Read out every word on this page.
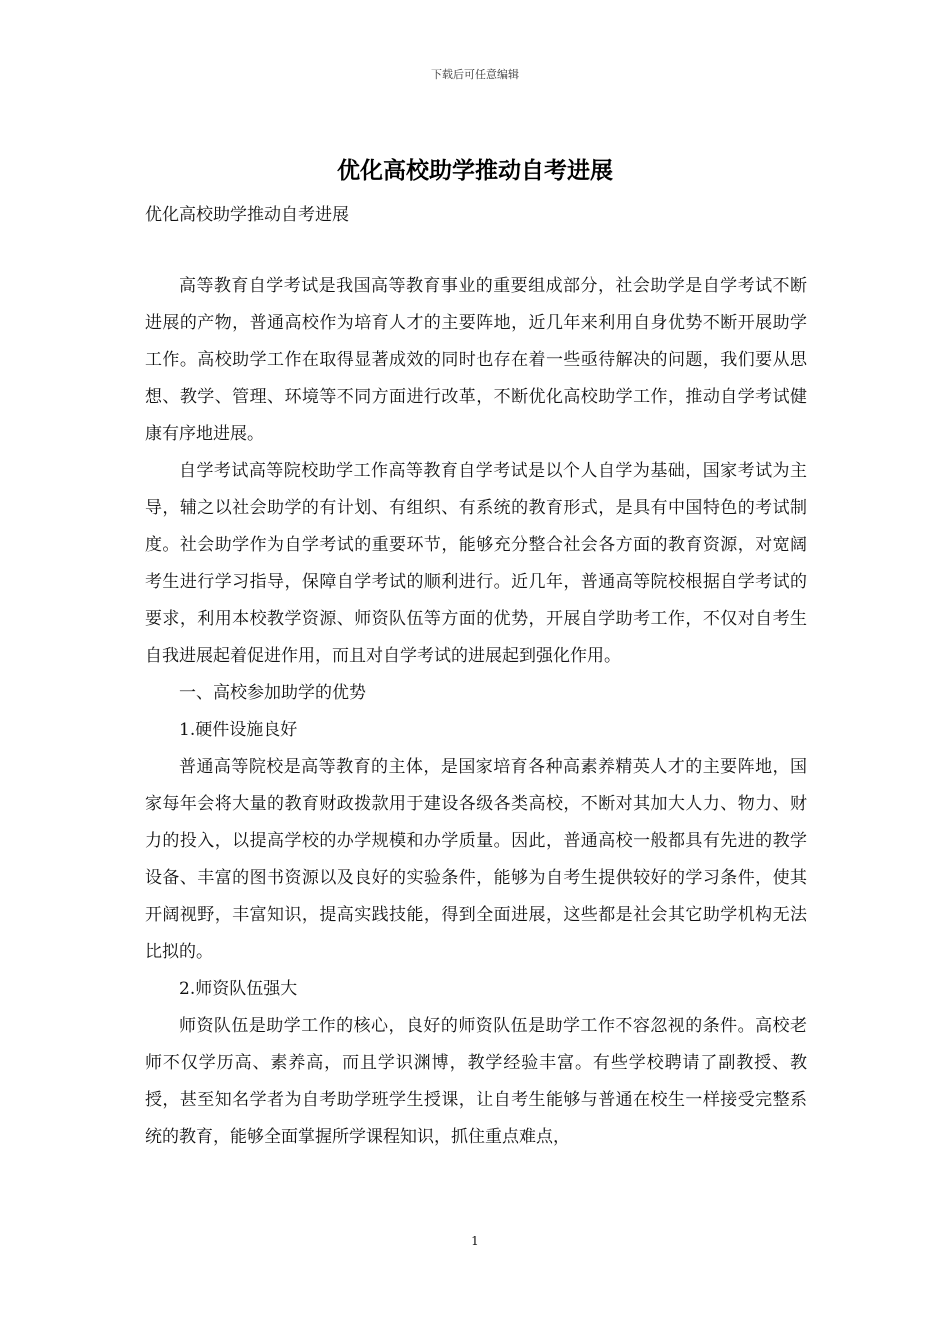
下载后可任意编辑
优化高校助学推动自考进展
优化高校助学推动自考进展

高等教育自学考试是我国高等教育事业的重要组成部分，社会助学是自学考试不断进展的产物，普通高校作为培育人才的主要阵地，近几年来利用自身优势不断开展助学工作。高校助学工作在取得显著成效的同时也存在着一些亟待解决的问题，我们要从思想、教学、管理、环境等不同方面进行改革，不断优化高校助学工作，推动自学考试健康有序地进展。

自学考试高等院校助学工作高等教育自学考试是以个人自学为基础，国家考试为主导，辅之以社会助学的有计划、有组织、有系统的教育形式，是具有中国特色的考试制度。社会助学作为自学考试的重要环节，能够充分整合社会各方面的教育资源，对宽阔考生进行学习指导，保障自学考试的顺利进行。近几年，普通高等院校根据自学考试的要求，利用本校教学资源、师资队伍等方面的优势，开展自学助考工作，不仅对自考生自我进展起着促进作用，而且对自学考试的进展起到强化作用。

一、高校参加助学的优势

1.硬件设施良好

普通高等院校是高等教育的主体，是国家培育各种高素养精英人才的主要阵地，国家每年会将大量的教育财政拨款用于建设各级各类高校，不断对其加大人力、物力、财力的投入，以提高学校的办学规模和办学质量。因此，普通高校一般都具有先进的教学设备、丰富的图书资源以及良好的实验条件，能够为自考生提供较好的学习条件，使其开阔视野，丰富知识，提高实践技能，得到全面进展，这些都是社会其它助学机构无法比拟的。

2.师资队伍强大

师资队伍是助学工作的核心，良好的师资队伍是助学工作不容忽视的条件。高校老师不仅学历高、素养高，而且学识渊博，教学经验丰富。有些学校聘请了副教授、教授，甚至知名学者为自考助学班学生授课，让自考生能够与普通在校生一样接受完整系统的教育，能够全面掌握所学课程知识，抓住重点难点，

1
